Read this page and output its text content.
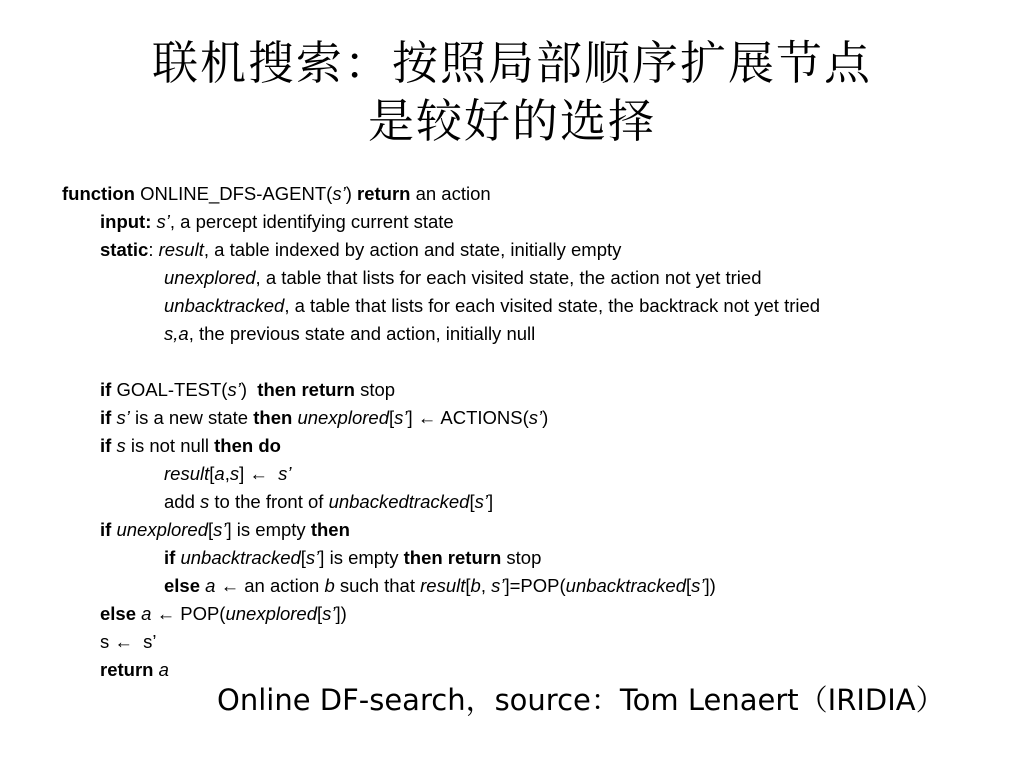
联机搜索：按照局部顺序扩展节点
是较好的选择
function ONLINE_DFS-AGENT(s’) return an action
input: s’, a percept identifying current state
static: result, a table indexed by action and state, initially empty
unexplored, a table that lists for each visited state, the action not yet tried
unbacktracked, a table that lists for each visited state, the backtrack not yet tried
s,a, the previous state and action, initially null
if GOAL-TEST(s’) then return stop
if s’ is a new state then unexplored[s’] ← ACTIONS(s’)
if s is not null then do
result[a,s] ← s’
add s to the front of unbackedtracked[s’]
if unexplored[s’] is empty then
if unbacktracked[s’] is empty then return stop
else a ← an action b such that result[b, s’]=POP(unbacktracked[s’])
else a ← POP(unexplored[s’])
s ← s’
return a
Online DF-search，source：Tom Lenaert（IRIDIA）
